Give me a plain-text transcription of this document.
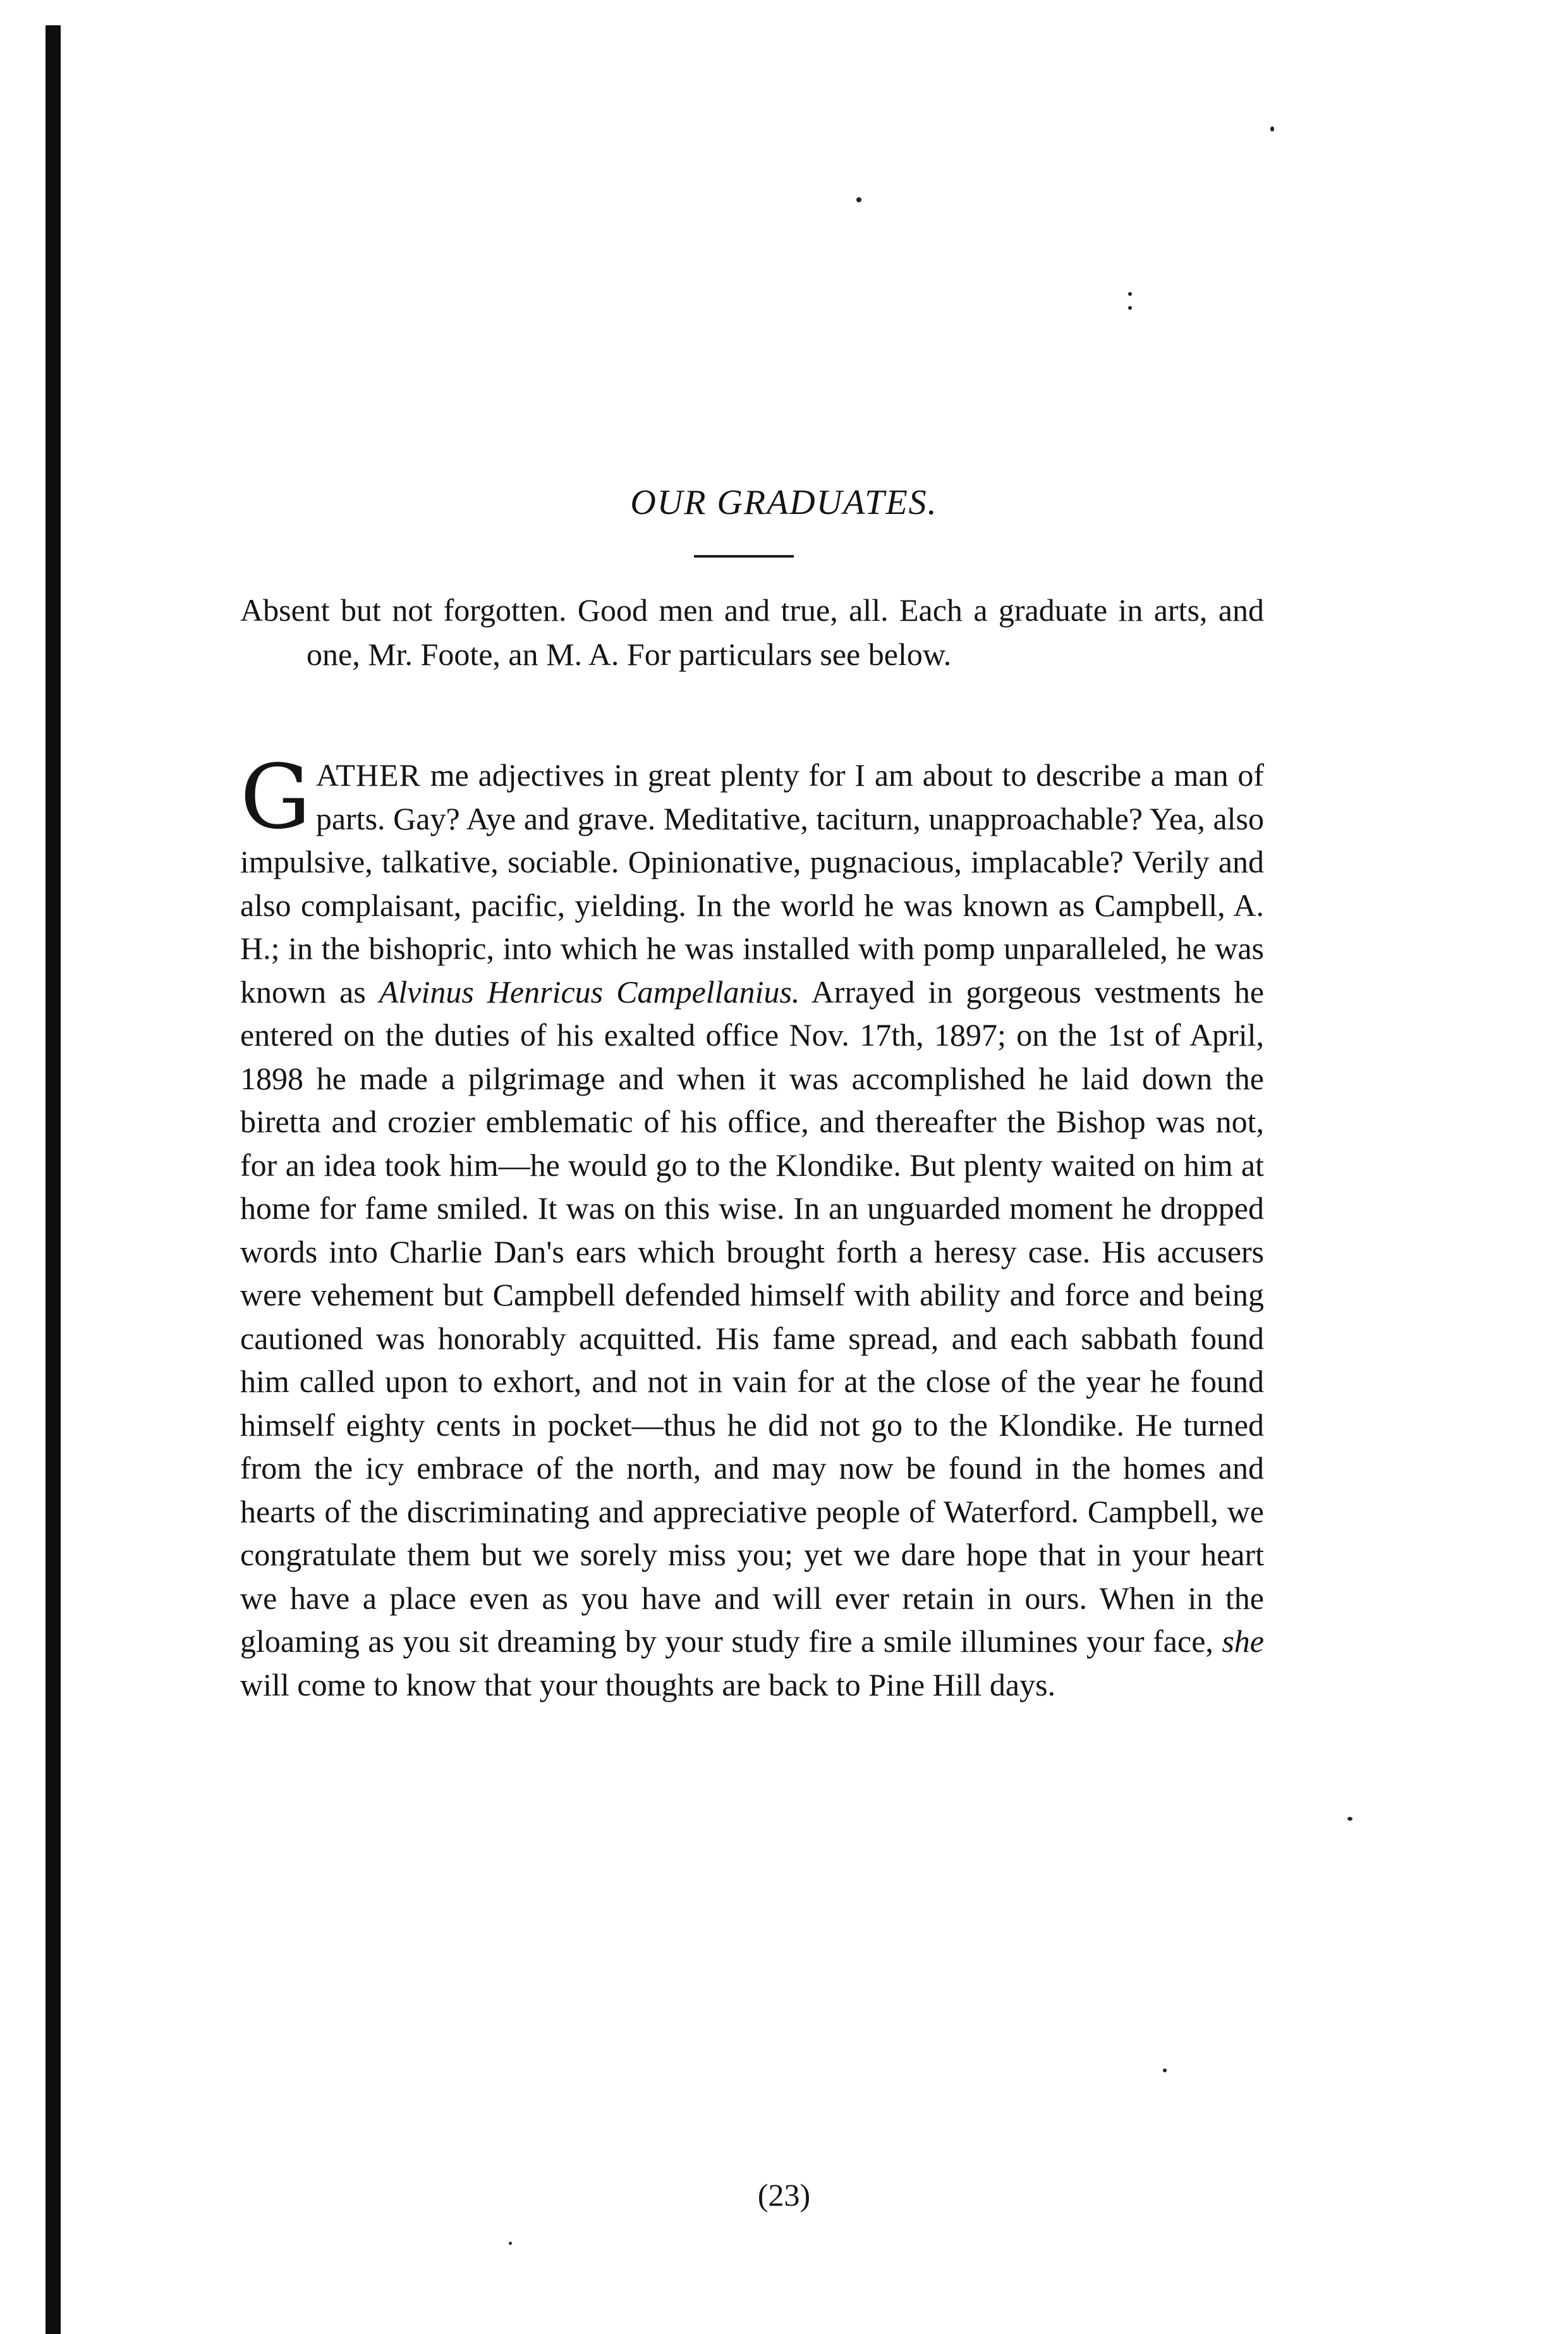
OUR GRADUATES.

Absent but not forgotten. Good men and true, all. Each a graduate in arts, and one, Mr. Foote, an M. A. For particulars see below.

GATHER me adjectives in great plenty for I am about to describe a man of parts. Gay? Aye and grave. Meditative, taciturn, unapproachable? Yea, also impulsive, talkative, sociable. Opinionative, pugnacious, implacable? Verily and also complaisant, pacific, yielding. In the world he was known as Campbell, A. H.; in the bishopric, into which he was installed with pomp unparalleled, he was known as Alvinus Henricus Campellanius. Arrayed in gorgeous vestments he entered on the duties of his exalted office Nov. 17th, 1897; on the 1st of April, 1898 he made a pilgrimage and when it was accomplished he laid down the biretta and crozier emblematic of his office, and thereafter the Bishop was not, for an idea took him—he would go to the Klondike. But plenty waited on him at home for fame smiled. It was on this wise. In an unguarded moment he dropped words into Charlie Dan's ears which brought forth a heresy case. His accusers were vehement but Campbell defended himself with ability and force and being cautioned was honorably acquitted. His fame spread, and each sabbath found him called upon to exhort, and not in vain for at the close of the year he found himself eighty cents in pocket—thus he did not go to the Klondike. He turned from the icy embrace of the north, and may now be found in the homes and hearts of the discriminating and appreciative people of Waterford. Campbell, we congratulate them but we sorely miss you; yet we dare hope that in your heart we have a place even as you have and will ever retain in ours. When in the gloaming as you sit dreaming by your study fire a smile illumines your face, she will come to know that your thoughts are back to Pine Hill days.

(23)
